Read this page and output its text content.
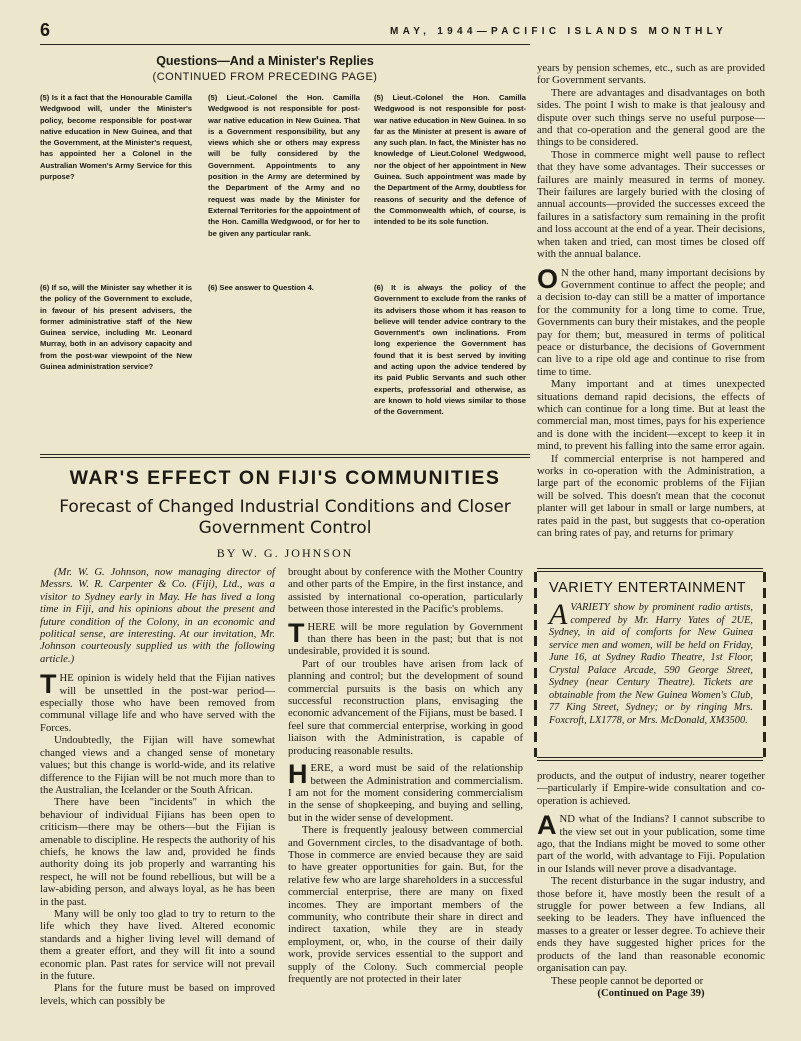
6	MAY, 1944—PACIFIC ISLANDS MONTHLY
Questions—And a Minister's Replies
(CONTINUED FROM PRECEDING PAGE)
(5) Is it a fact that the Honourable Camilla Wedgwood will, under the Minister's policy, become responsible for post-war native education in New Guinea, and that the Government, at the Minister's request, has appointed her a Colonel in the Australian Women's Army Service for this purpose?
(5) Lieut.-Colonel the Hon. Camilla Wedgwood is not responsible for post-war native education in New Guinea. That is a Government responsibility, but any views which she or others may express will be fully considered by the Government. Appointments to any position in the Army are determined by the Department of the Army and no request was made by the Minister for External Territories for the appointment of the Hon. Camilla Wedgwood, or for her to be given any particular rank.
(5) Lieut.-Colonel the Hon. Camilla Wedgwood is not responsible for post-war native education in New Guinea. In so far as the Minister at present is aware of any such plan. In fact, the Minister has no knowledge of Lieut.Colonel Wedgwood, nor the object of her appointment in New Guinea. Such appointment was made by the Department of the Army, doubtless for reasons of security and the defence of the Commonwealth which, of course, is intended to be its sole function.
(6) If so, will the Minister say whether it is the policy of the Government to exclude, in favour of his present advisers, the former administrative staff of the New Guinea service, including Mr. Leonard Murray, both in an advisory capacity and from the post-war viewpoint of the New Guinea administration service?
(6) See answer to Question 4.	(6) It is always the policy of the Government to exclude from the ranks of its advisers those whom it has reason to believe will tender advice contrary to the Government's own inclinations. From long experience the Government has found that it is best served by inviting and acting upon the advice tendered by its paid Public Servants and such other experts, professorial and otherwise, as are known to hold views similar to those of the Government.
WAR'S EFFECT ON FIJI'S COMMUNITIES
Forecast of Changed Industrial Conditions and Closer Government Control
BY W. G. JOHNSON

(Mr. W. G. Johnson, now managing director of Messrs. W. R. Carpenter & Co. (Fiji), Ltd., was a visitor to Sydney early in May. He has lived a long time in Fiji, and his opinions about the present and future condition of the Colony, in an economic and political sense, are interesting. At our invitation, Mr. Johnson courteously supplied us with the following article.)

THE opinion is widely held that the Fijian natives will be unsettled in the post-war period—especially those who have been removed from communal village life and who have served with the Forces.

Undoubtedly, the Fijian will have somewhat changed views and a changed sense of monetary values; but this change is world-wide, and its relative difference to the Fijian will be not much more than to the Australian, the Icelander or the South African.

There have been "incidents" in which the behaviour of individual Fijians has been open to criticism—there may be others—but the Fijian is amenable to discipline. He respects the authority of his chiefs, he knows the law and, provided he finds authority doing its job properly and warranting his respect, he will not be found rebellious, but will be a law-abiding person, and always loyal, as he has been in the past.

Many will be only too glad to try to return to the life which they have lived. Altered economic standards and a higher living level will demand of them a greater effort, and they will fit into a sound economic plan. Past rates for service will not prevail in the future.

Plans for the future must be based on improved levels, which can possibly be

brought about by conference with the Mother Country and other parts of the Empire, in the first instance, and assisted by international co-operation, particularly between those interested in the Pacific's problems.

THERE will be more regulation by Government than there has been in the past; but that is not undesirable, provided it is sound.

Part of our troubles have arisen from lack of planning and control; but the development of sound commercial pursuits is the basis on which any successful reconstruction plans, envisaging the economic advancement of the Fijians, must be based. I feel sure that commercial enterprise, working in good liaison with the Administration, is capable of producing reasonable results.

HERE, a word must be said of the relationship between the Administration and commercialism. I am not for the moment considering commercialism in the sense of shopkeeping, and buying and selling, but in the wider sense of development.

There is frequently jealousy between commercial and Government circles, to the disadvantage of both. Those in commerce are envied because they are said to have greater opportunities for gain. But, for the relative few who are large shareholders in a successful commercial enterprise, there are many on fixed incomes. They are important members of the community, who contribute their share in direct and indirect taxation, while they are in steady employment, or, who, in the course of their daily work, provide services essential to the support and supply of the Colony. Such commercial people frequently are not protected in their later

years by pension schemes, etc., such as are provided for Government servants.

There are advantages and disadvantages on both sides. The point I wish to make is that jealousy and dispute over such things serve no useful purpose—and that co-operation and the general good are the things to be considered.

Those in commerce might well pause to reflect that they have some advantages. Their successes or failures are mainly measured in terms of money. Their failures are largely buried with the closing of annual accounts—provided the successes exceed the failures in a satisfactory sum remaining in the profit and loss account at the end of a year. Their decisions, when taken and tried, can most times be closed off with the annual balance.

O N the other hand, many important decisions by Government continue to affect the people; and a decision to-day can still be a matter of importance for the community for a long time to come. True, Governments can bury their mistakes, and the people pay for them; but, measured in terms of political peace or disturbance, the decisions of Government can live to a ripe old age and continue to rise from time to time.

Many important and at times unexpected situations demand rapid decisions, the effects of which can continue for a long time. But at least the commercial man, most times, pays for his experience and is done with the incident—except to keep it in mind, to prevent his falling into the same error again.

If commercial enterprise is not hampered and works in co-operation with the Administration, a large part of the economic problems of the Fijian will be solved. This doesn't mean that the coconut planter will get labour in small or large numbers, at rates paid in the past, but suggests that co-operation can bring rates of pay, and returns for primary

VARIETY ENTERTAINMENT
AVARIETY show by prominent radio artists, compered by Mr. Harry Yates of 2UE, Sydney, in aid of comforts for New Guinea service men and women, will be held on Friday, June 16, at Sydney Radio Theatre, 1st Floor, Crystal Palace Arcade, 590 George Street, Sydney (near Century Theatre). Tickets are obtainable from the New Guinea Women's Club, 77 King Street, Sydney; or by ringing Mrs. Foxcroft, LX1778, or Mrs. McDonald, XM3500.

products, and the output of industry, nearer together—particularly if Empire-wide consultation and co-operation is achieved.

AND what of the Indians? I cannot subscribe to the view set out in your publication, some time ago, that the Indians might be moved to some other part of the world, with advantage to Fiji. Population in our Islands will never prove a disadvantage.

The recent disturbance in the sugar industry, and those before it, have mostly been the result of a struggle for power between a few Indians, all seeking to be leaders. They have influenced the masses to a greater or lesser degree. To achieve their ends they have suggested higher prices for the products of the land than reasonable economic organisation can pay.

These people cannot be deported or

(Continued on Page 39)
